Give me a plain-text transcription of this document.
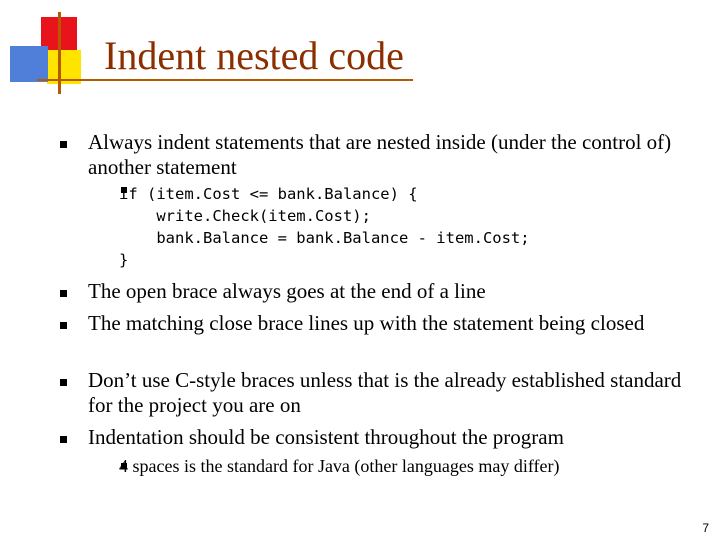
Indent nested code
Always indent statements that are nested inside (under the control of) another statement
if (item.Cost <= bank.Balance) {
write.Check(item.Cost);
bank.Balance = bank.Balance - item.Cost;
}
The open brace always goes at the end of a line
The matching close brace lines up with the statement being closed
Don’t use C-style braces unless that is the already established standard for the project you are on
Indentation should be consistent throughout the program
4 spaces is the standard for Java (other languages may differ)
7
